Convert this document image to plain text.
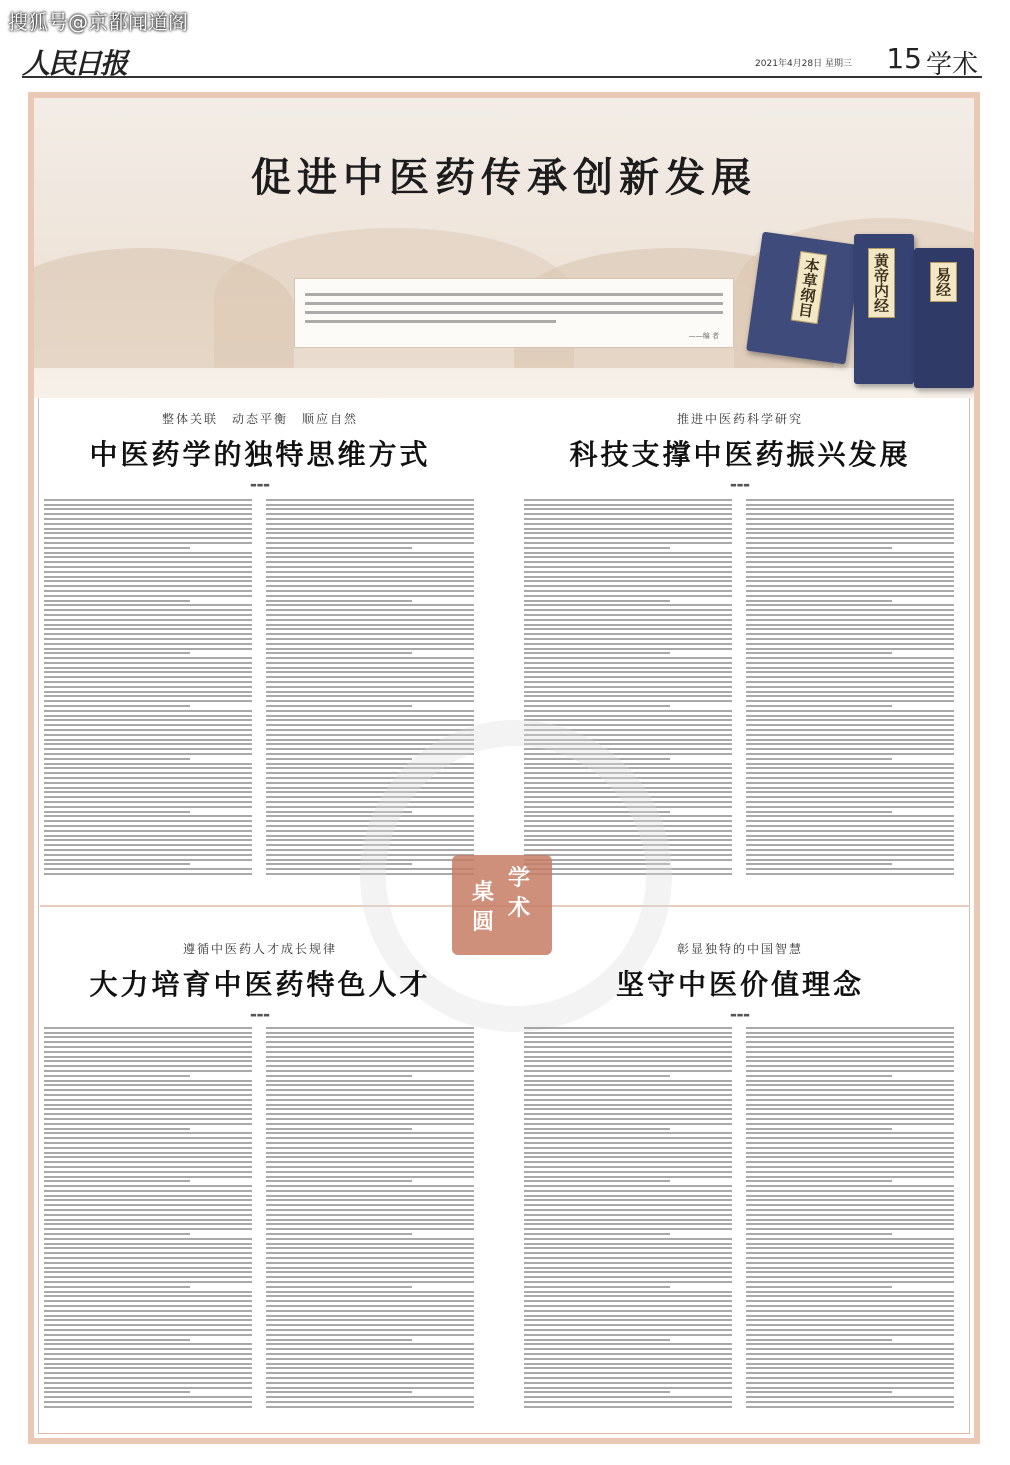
搜狐号@京都闻道阁
人民日报	2021年4月28日 星期三 15 学术
促进中医药传承创新发展
——编 者
本草纲目	黄帝内经	易经
整体关联　动态平衡　顺应自然
中医药学的独特思维方式
▬▬▬
推进中医药科学研究
科技支撑中医药振兴发展
▬▬▬
学
术
圆
桌
遵循中医药人才成长规律
大力培育中医药特色人才
▬▬▬
彰显独特的中国智慧
坚守中医价值理念
▬▬▬
